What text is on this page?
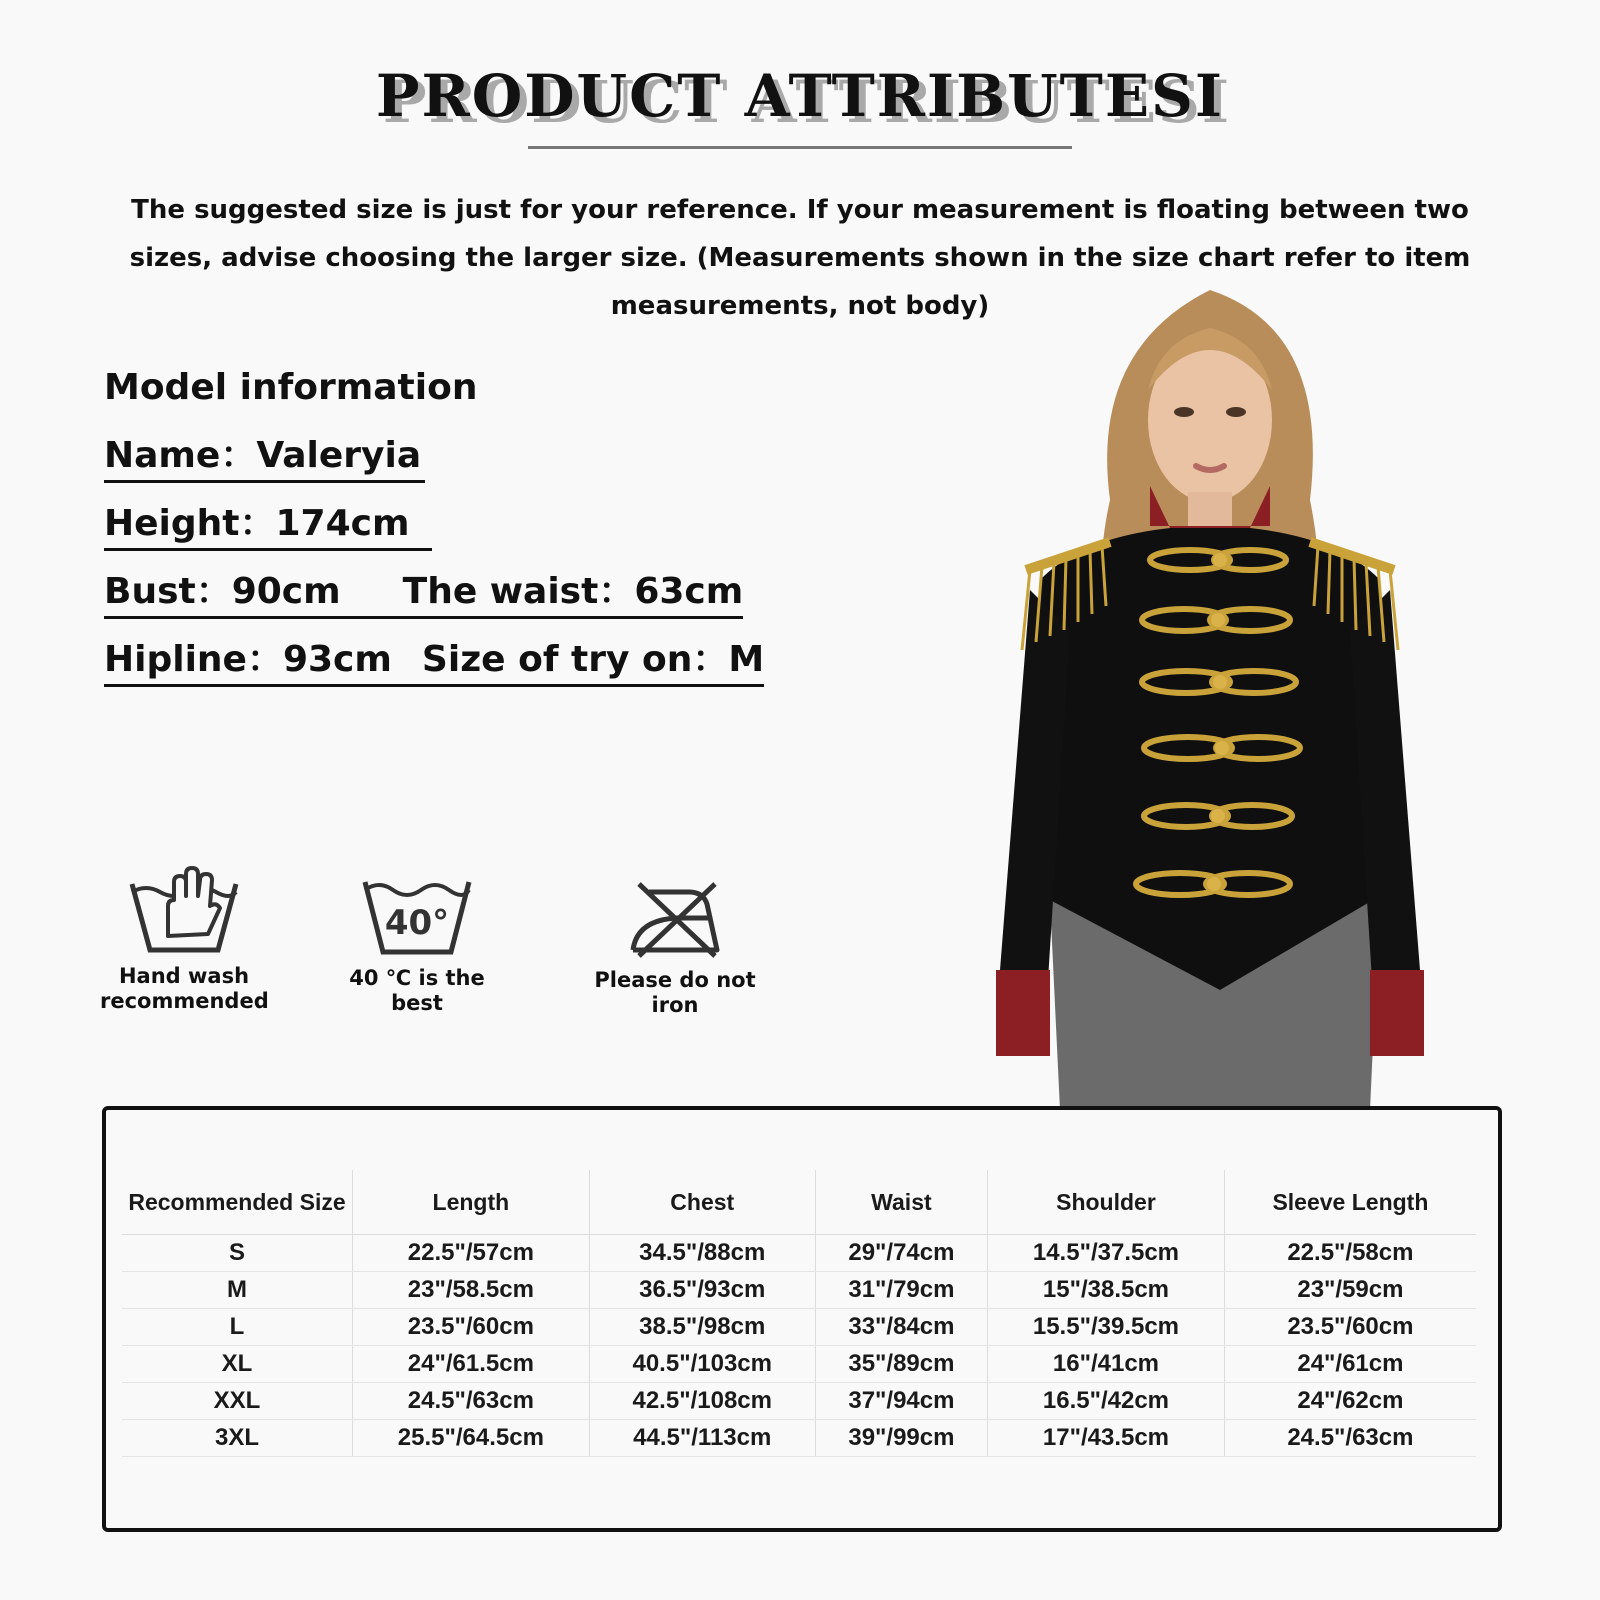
PRODUCT ATTRIBUTESI
The suggested size is just for your reference. If your measurement is floating between two sizes, advise choosing the larger size. (Measurements shown in the size chart refer to item measurements, not body)
Model information
Name：Valeryia
Height：174cm
Bust：90cm The waist：63cm
Hipline：93cm Size of try on：M
Hand wash recommended
40°
40 ℃ is the best
Please do not iron
Recommended Size	Length	Chest	Waist	Shoulder	Sleeve Length
S	22.5"/57cm	34.5"/88cm	29"/74cm	14.5"/37.5cm	22.5"/58cm
M	23"/58.5cm	36.5"/93cm	31"/79cm	15"/38.5cm	23"/59cm
L	23.5"/60cm	38.5"/98cm	33"/84cm	15.5"/39.5cm	23.5"/60cm
XL	24"/61.5cm	40.5"/103cm	35"/89cm	16"/41cm	24"/61cm
XXL	24.5"/63cm	42.5"/108cm	37"/94cm	16.5"/42cm	24"/62cm
3XL	25.5"/64.5cm	44.5"/113cm	39"/99cm	17"/43.5cm	24.5"/63cm
